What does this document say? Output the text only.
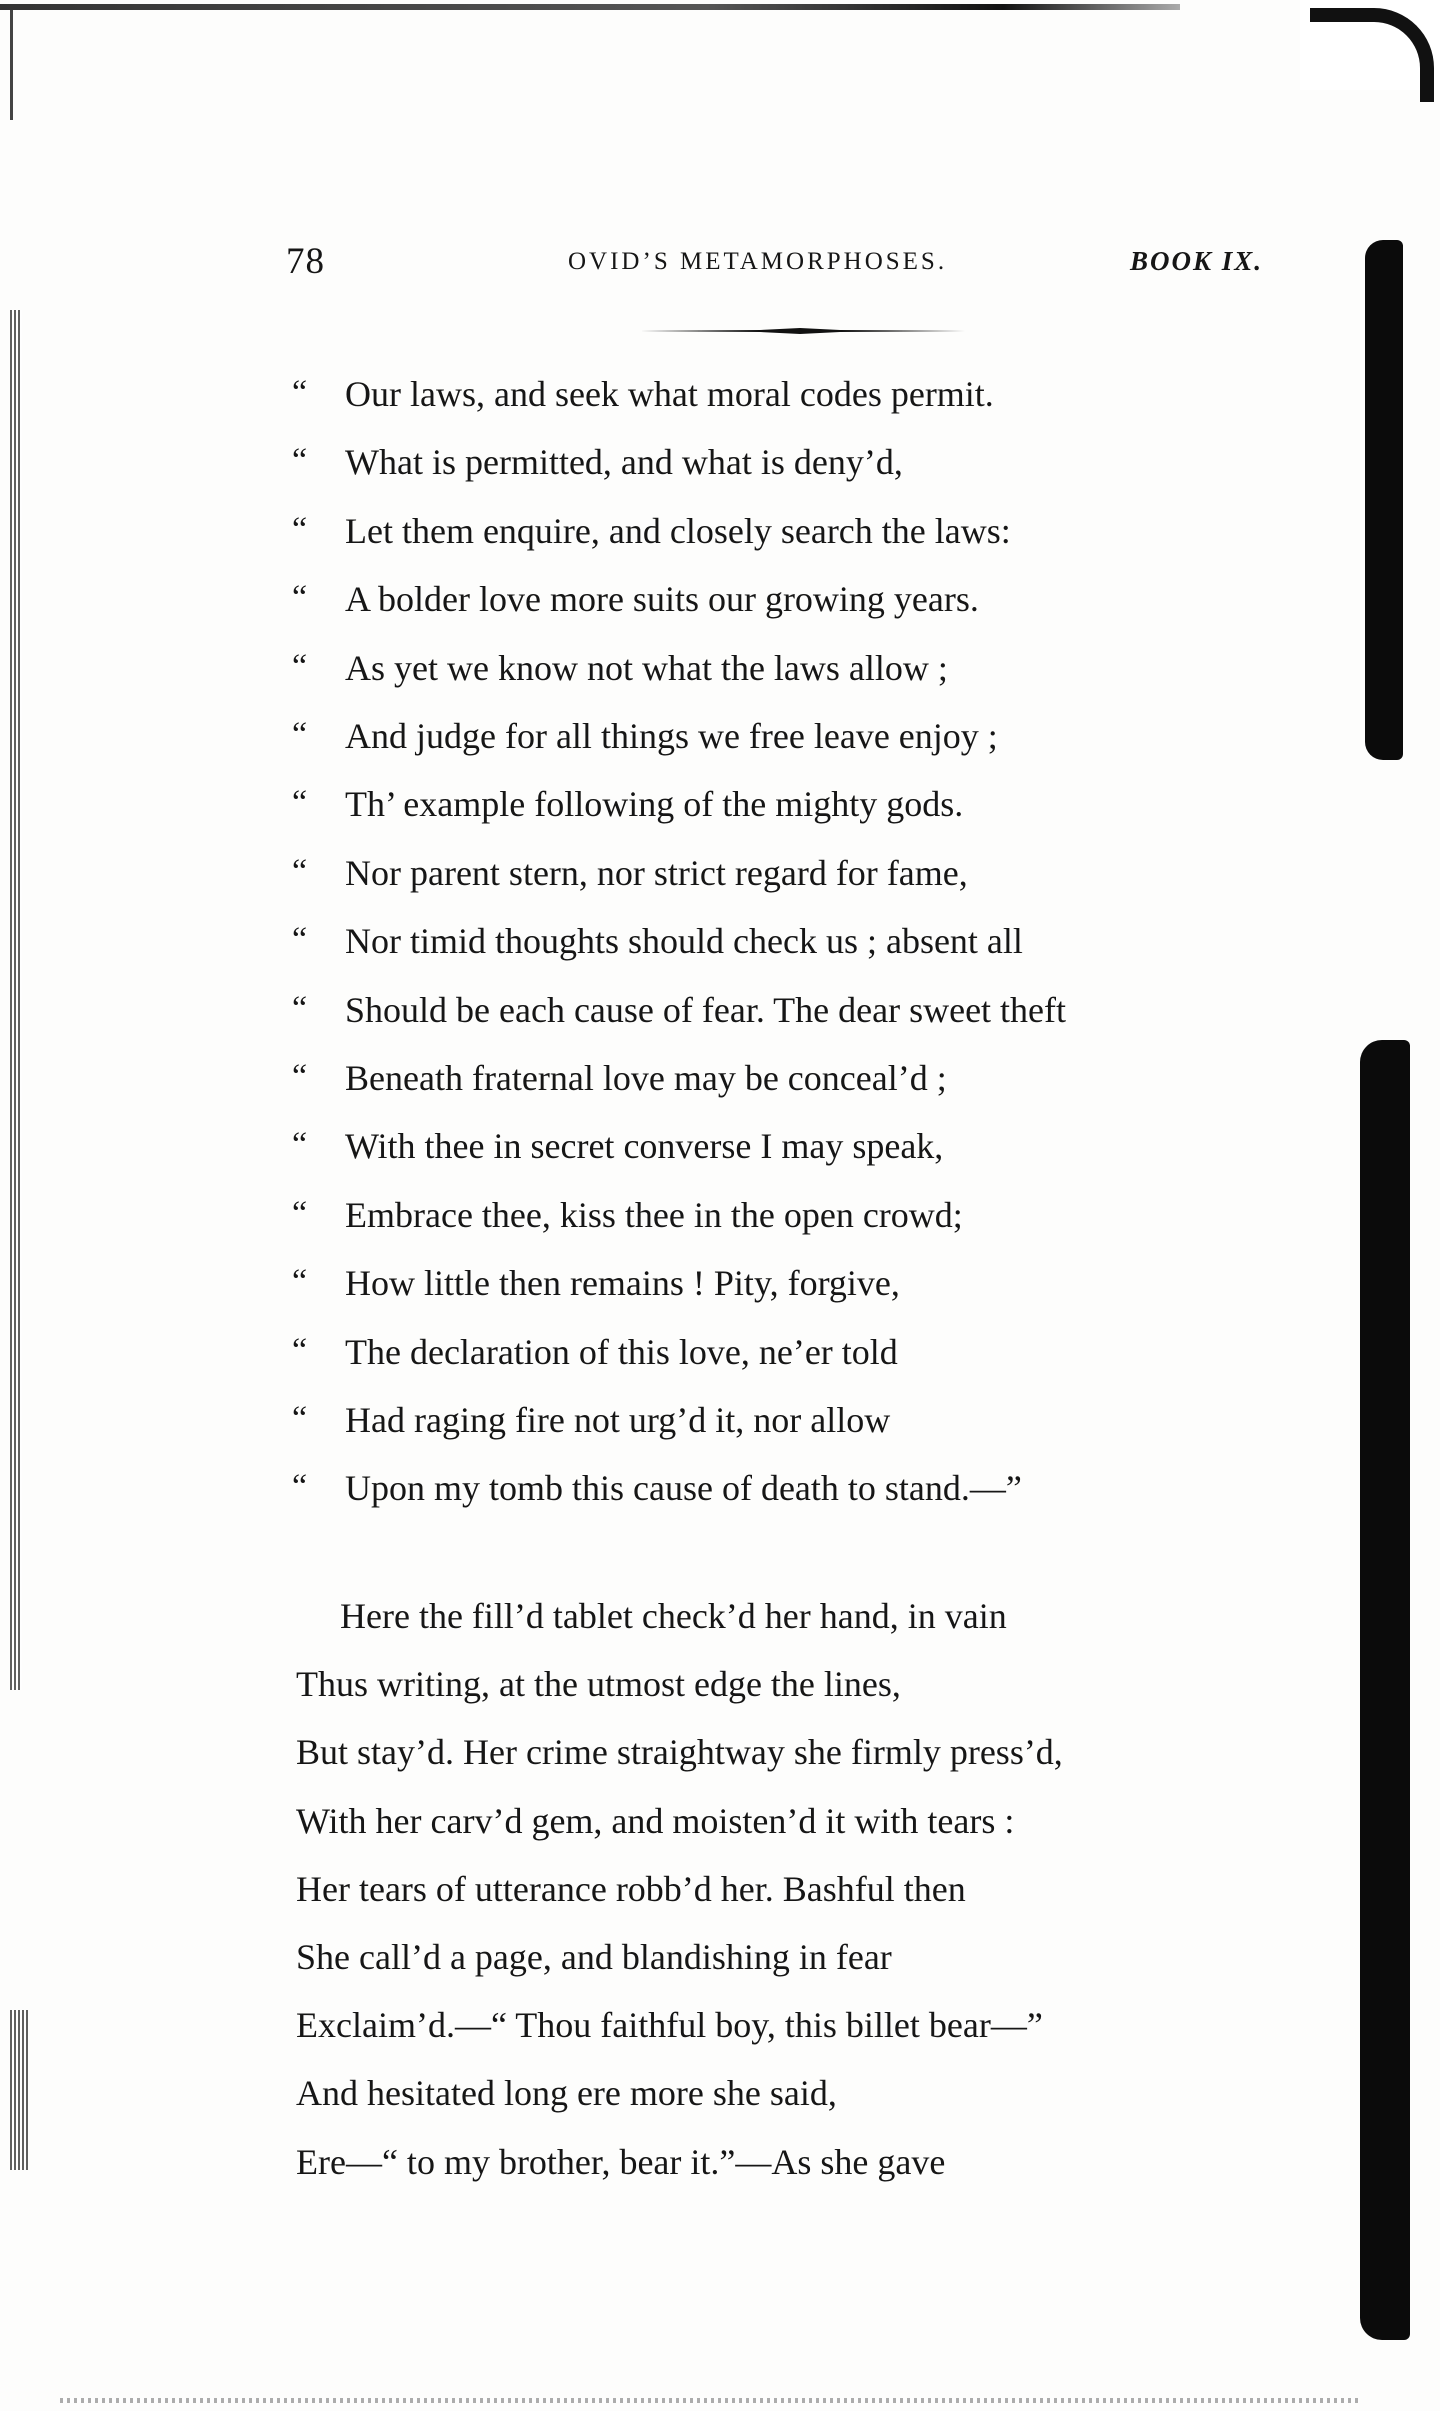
78	OVID’S METAMORPHOSES.	BOOK IX.
“ Our laws, and seek what moral codes permit.
“ What is permitted, and what is deny’d,
“ Let them enquire, and closely search the laws:
“ A bolder love more suits our growing years.
“ As yet we know not what the laws allow ;
“ And judge for all things we free leave enjoy ;
“ Th’ example following of the mighty gods.
“ Nor parent stern, nor strict regard for fame,
“ Nor timid thoughts should check us ; absent all
“ Should be each cause of fear. The dear sweet theft
“ Beneath fraternal love may be conceal’d ;
“ With thee in secret converse I may speak,
“ Embrace thee, kiss thee in the open crowd;
“ How little then remains ! Pity, forgive,
“ The declaration of this love, ne’er told
“ Had raging fire not urg’d it, nor allow
“ Upon my tomb this cause of death to stand.—”
Here the fill’d tablet check’d her hand, in vain
Thus writing, at the utmost edge the lines,
But stay’d. Her crime straightway she firmly press’d,
With her carv’d gem, and moisten’d it with tears :
Her tears of utterance robb’d her. Bashful then
She call’d a page, and blandishing in fear
Exclaim’d.—“ Thou faithful boy, this billet bear—”
And hesitated long ere more she said,
Ere—“ to my brother, bear it.”—As she gave
